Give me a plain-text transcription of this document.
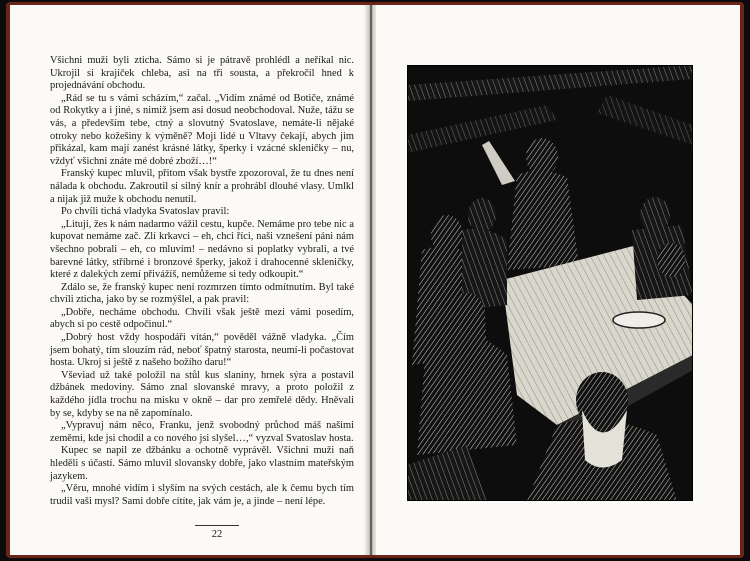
Všichni muži byli zticha. Sámo si je pátravě prohlédl a neříkal nic. Ukrojil si krajíček chleba, asi na tři sousta, a překročil hned k projednávání obchodu.

„Rád se tu s vámi scházím,“ začal. „Vidím známé od Botiče, známé od Rokytky a i jiné, s nimiž jsem asi dosud neobchodoval. Nuže, tážu se vás, a především tebe, ctný a slovutný Svatoslave, nemáte-li nějaké otroky nebo kožešiny k výměně? Moji lidé u Vltavy čekají, abych jim přikázal, kam mají zanést krásné látky, šperky i vzácné skleničky – nu, vždyť všichni znáte mé dobré zboží…!“

Franský kupec mluvil, přitom však bystře zpozoroval, že tu dnes není nálada k obchodu. Zakroutil si silný knír a prohrábl dlouhé vlasy. Umlkl a nijak již muže k obchodu nenutil.

Po chvíli tichá vladyka Svatoslav pravil:

„Lituji, žes k nám nadarmo vážil cestu, kupče. Nemáme pro tebe nic a kupovat nemáme zač. Zlí krkavci – eh, chci říci, naši vznešení páni nám všechno pobrali – eh, co mluvím! – nedávno si poplatky vybrali, a tvé barevné látky, stříbrné i bronzové šperky, jakož i drahocenné skleničky, které z dalekých zemí přivážíš, nemůžeme si tedy odkoupit.“

Zdálo se, že franský kupec není rozmrzen tímto odmítnutím. Byl také chvíli zticha, jako by se rozmýšlel, a pak pravil:

„Dobře, necháme obchodu. Chvíli však ještě mezi vámi posedím, abych si po cestě odpočinul.“

„Dobrý host vždy hospodáři vítán,“ pověděl vážně vladyka. „Čím jsem bohatý, tím slouzím rád, neboť špatný starosta, neumí-li počastovat hosta. Ukroj si ještě z našeho božího daru!“

Vševiad už také položil na stůl kus slaniny, hrnek sýra a postavil džbánek medoviny. Sámo znal slovanské mravy, a proto položil z každého jídla trochu na misku v okně – dar pro zemřelé dědy. Hněvali by se, kdyby se na ně zapomínalo.

„Vypravuj nám něco, Franku, jenž svobodný průchod máš našimi zeměmi, kde jsi chodil a co nového jsi slyšel…,“ vyzval Svatoslav hosta.

Kupec se napil ze džbánku a ochotně vyprávěl. Všichni muži naň hleděli s účastí. Sámo mluvil slovansky dobře, jako vlastním mateřským jazykem.

„Věru, mnohé vidím i slyším na svých cestách, ale k čemu bych tím trudil vaši mysl? Sami dobře cítíte, jak vám je, a jinde – není lépe.

22
